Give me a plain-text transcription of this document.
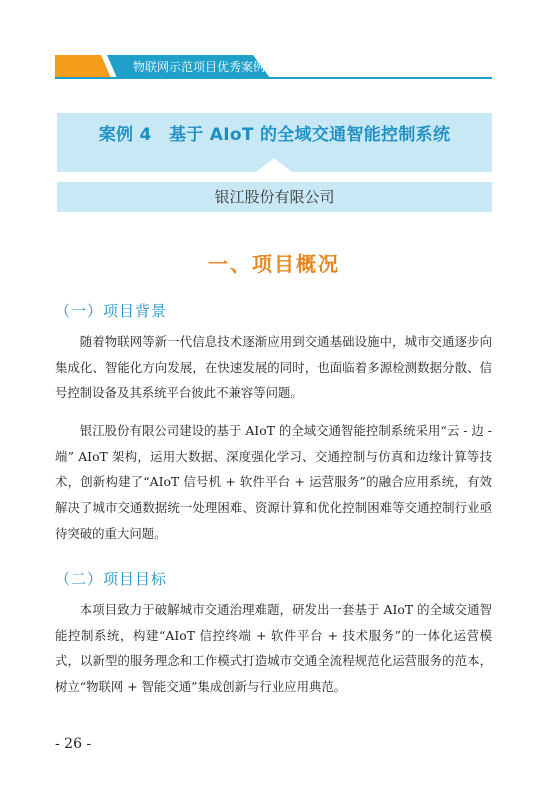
物联网示范项目优秀案例集
案例 4　基于 AIoT 的全域交通智能控制系统
银江股份有限公司
一、项目概况
（一）项目背景
随着物联网等新一代信息技术逐渐应用到交通基础设施中，城市交通逐步向集成化、智能化方向发展，在快速发展的同时，也面临着多源检测数据分散、信号控制设备及其系统平台彼此不兼容等问题。
银江股份有限公司建设的基于 AIoT 的全域交通智能控制系统采用“云 - 边 - 端” AIoT 架构，运用大数据、深度强化学习、交通控制与仿真和边缘计算等技术，创新构建了“AIoT 信号机 + 软件平台 + 运营服务”的融合应用系统，有效解决了城市交通数据统一处理困难、资源计算和优化控制困难等交通控制行业亟待突破的重大问题。
（二）项目目标
本项目致力于破解城市交通治理难题，研发出一套基于 AIoT 的全域交通智能控制系统，构建“AIoT 信控终端 + 软件平台 + 技术服务”的一体化运营模式，以新型的服务理念和工作模式打造城市交通全流程规范化运营服务的范本，树立“物联网 + 智能交通”集成创新与行业应用典范。
- 26 -
